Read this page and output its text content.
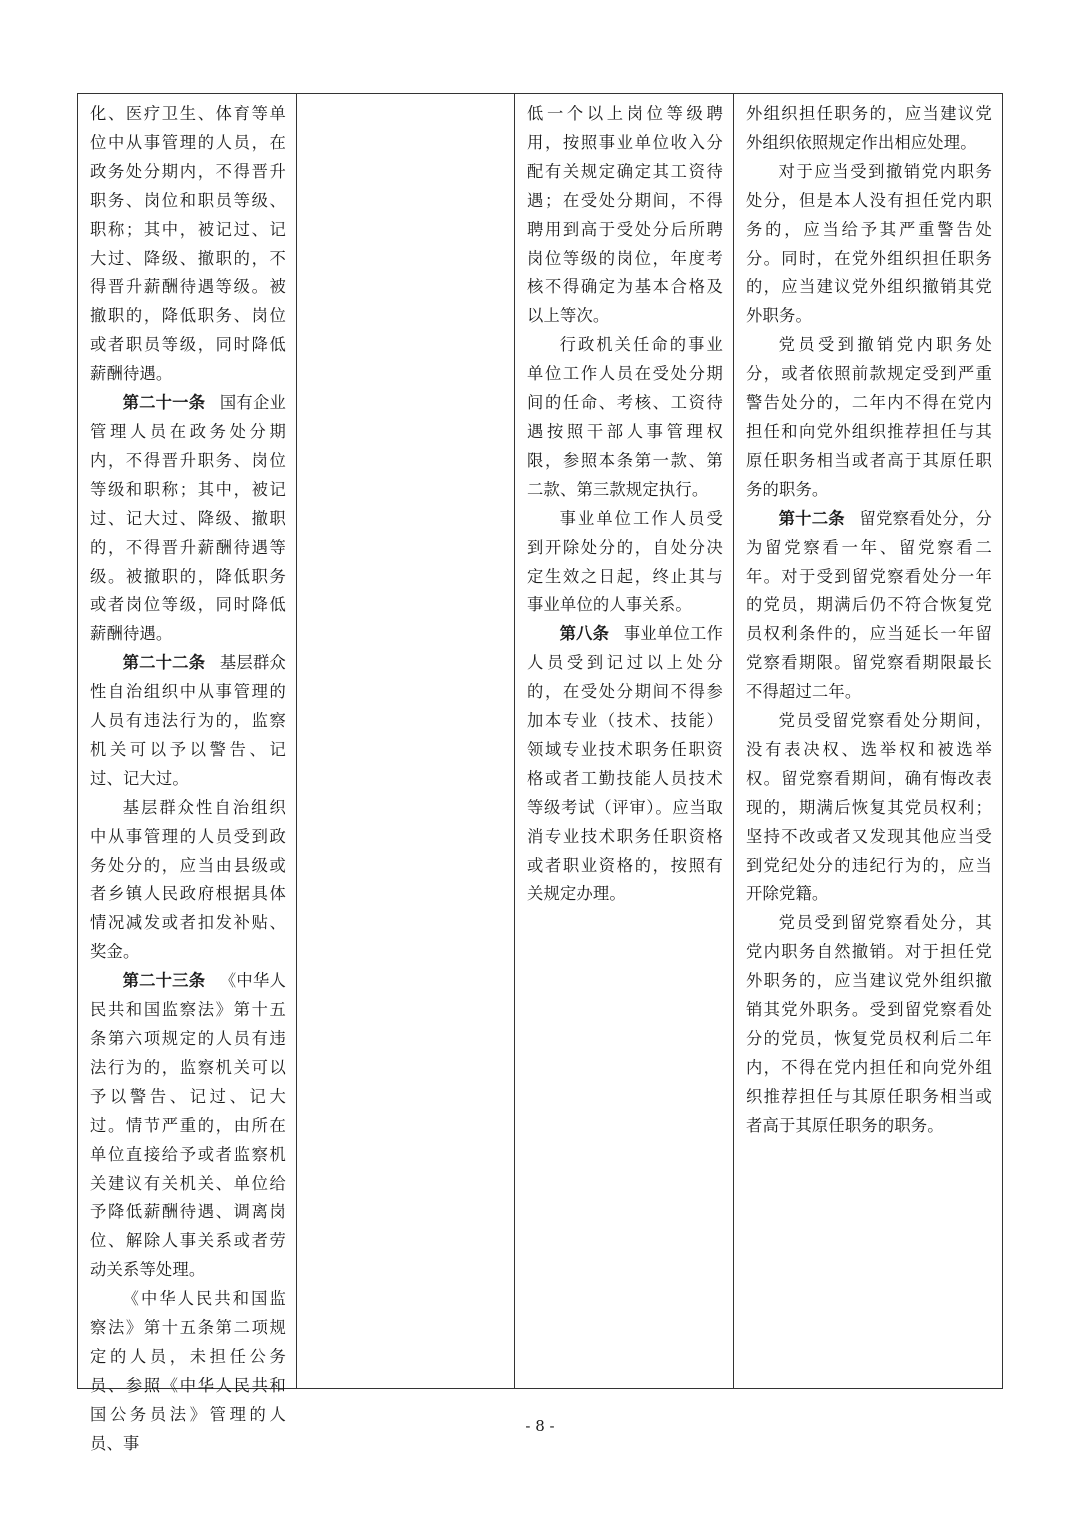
化、医疗卫生、体育等单位中从事管理的人员，在政务处分期内，不得晋升职务、岗位和职员等级、职称；其中，被记过、记大过、降级、撤职的，不得晋升薪酬待遇等级。被撤职的，降低职务、岗位或者职员等级，同时降低薪酬待遇。

第二十一条 国有企业管理人员在政务处分期内，不得晋升职务、岗位等级和职称；其中，被记过、记大过、降级、撤职的，不得晋升薪酬待遇等级。被撤职的，降低职务或者岗位等级，同时降低薪酬待遇。

第二十二条 基层群众性自治组织中从事管理的人员有违法行为的，监察机关可以予以警告、记过、记大过。

基层群众性自治组织中从事管理的人员受到政务处分的，应当由县级或者乡镇人民政府根据具体情况减发或者扣发补贴、奖金。

第二十三条 《中华人民共和国监察法》第十五条第六项规定的人员有违法行为的，监察机关可以予以警告、记过、记大过。情节严重的，由所在单位直接给予或者监察机关建议有关机关、单位给予降低薪酬待遇、调离岗位、解除人事关系或者劳动关系等处理。

《中华人民共和国监察法》第十五条第二项规定的人员，未担任公务员、参照《中华人民共和国公务员法》管理的人员、事

低一个以上岗位等级聘用，按照事业单位收入分配有关规定确定其工资待遇；在受处分期间，不得聘用到高于受处分后所聘岗位等级的岗位，年度考核不得确定为基本合格及以上等次。

行政机关任命的事业单位工作人员在受处分期间的任命、考核、工资待遇按照干部人事管理权限，参照本条第一款、第二款、第三款规定执行。

事业单位工作人员受到开除处分的，自处分决定生效之日起，终止其与事业单位的人事关系。

第八条 事业单位工作人员受到记过以上处分的，在受处分期间不得参加本专业（技术、技能）领域专业技术职务任职资格或者工勤技能人员技术等级考试（评审）。应当取消专业技术职务任职资格或者职业资格的，按照有关规定办理。

外组织担任职务的，应当建议党外组织依照规定作出相应处理。

对于应当受到撤销党内职务处分，但是本人没有担任党内职务的，应当给予其严重警告处分。同时，在党外组织担任职务的，应当建议党外组织撤销其党外职务。

党员受到撤销党内职务处分，或者依照前款规定受到严重警告处分的，二年内不得在党内担任和向党外组织推荐担任与其原任职务相当或者高于其原任职务的职务。

第十二条 留党察看处分，分为留党察看一年、留党察看二年。对于受到留党察看处分一年的党员，期满后仍不符合恢复党员权利条件的，应当延长一年留党察看期限。留党察看期限最长不得超过二年。

党员受留党察看处分期间，没有表决权、选举权和被选举权。留党察看期间，确有悔改表现的，期满后恢复其党员权利；坚持不改或者又发现其他应当受到党纪处分的违纪行为的，应当开除党籍。

党员受到留党察看处分，其党内职务自然撤销。对于担任党外职务的，应当建议党外组织撤销其党外职务。受到留党察看处分的党员，恢复党员权利后二年内，不得在党内担任和向党外组织推荐担任与其原任职务相当或者高于其原任职务的职务。

- 8 -
